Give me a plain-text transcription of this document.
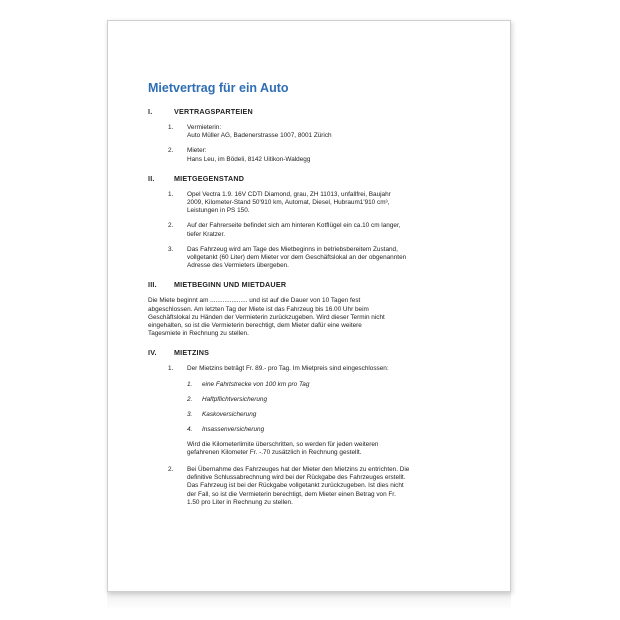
Mietvertrag für ein Auto
I.	VERTRAGSPARTEIEN
1.	Vermieterin:
Auto Müller AG, Badenerstrasse 1007, 8001 Zürich
2.	Mieter:
Hans Leu, im Bödeli, 8142 Uitikon-Waldegg
II.	MIETGEGENSTAND
1.	Opel Vectra 1.9. 16V CDTI Diamond, grau, ZH 11013, unfallfrei, Baujahr
2009, Kilometer-Stand 50'910 km, Automat, Diesel, Hubraum1'910 cm³,
Leistungen in PS 150.
2.	Auf der Fahrerseite befindet sich am hinteren Kotflügel ein ca.10 cm langer,
tiefer Kratzer.
3.	Das Fahrzeug wird am Tage des Mietbeginns in betriebsbereitem Zustand,
vollgetankt (60 Liter) dem Mieter vor dem Geschäftslokal an der obgenannten
Adresse des Vermieters übergeben.
III.	MIETBEGINN UND MIETDAUER
Die Miete beginnt am ..................... und ist auf die Dauer von 10 Tagen fest
abgeschlossen. Am letzten Tag der Miete ist das Fahrzeug bis 16.00 Uhr beim
Geschäftslokal zu Händen der Vermieterin zurückzugeben. Wird dieser Termin nicht
eingehalten, so ist die Vermieterin berechtigt, dem Mieter dafür eine weitere
Tagesmiete in Rechnung zu stellen.
IV.	MIETZINS
1.	Der Mietzins beträgt Fr. 89.- pro Tag. Im Mietpreis sind eingeschlossen:
1.	eine Fahrtstrecke von 100 km pro Tag
2.	Haftpflichtversicherung
3.	Kaskoversicherung
4.	Insassenversicherung
Wird die Kilometerlimite überschritten, so werden für jeden weiteren
gefahrenen Kilometer Fr. -.70 zusätzlich in Rechnung gestellt.
2.	Bei Übernahme des Fahrzeuges hat der Mieter den Mietzins zu entrichten. Die
definitive Schlussabrechnung wird bei der Rückgabe des Fahrzeuges erstellt.
Das Fahrzeug ist bei der Rückgabe vollgetankt zurückzugeben. Ist dies nicht
der Fall, so ist die Vermieterin berechtigt, dem Mieter einen Betrag von Fr.
1.50 pro Liter in Rechnung zu stellen.
